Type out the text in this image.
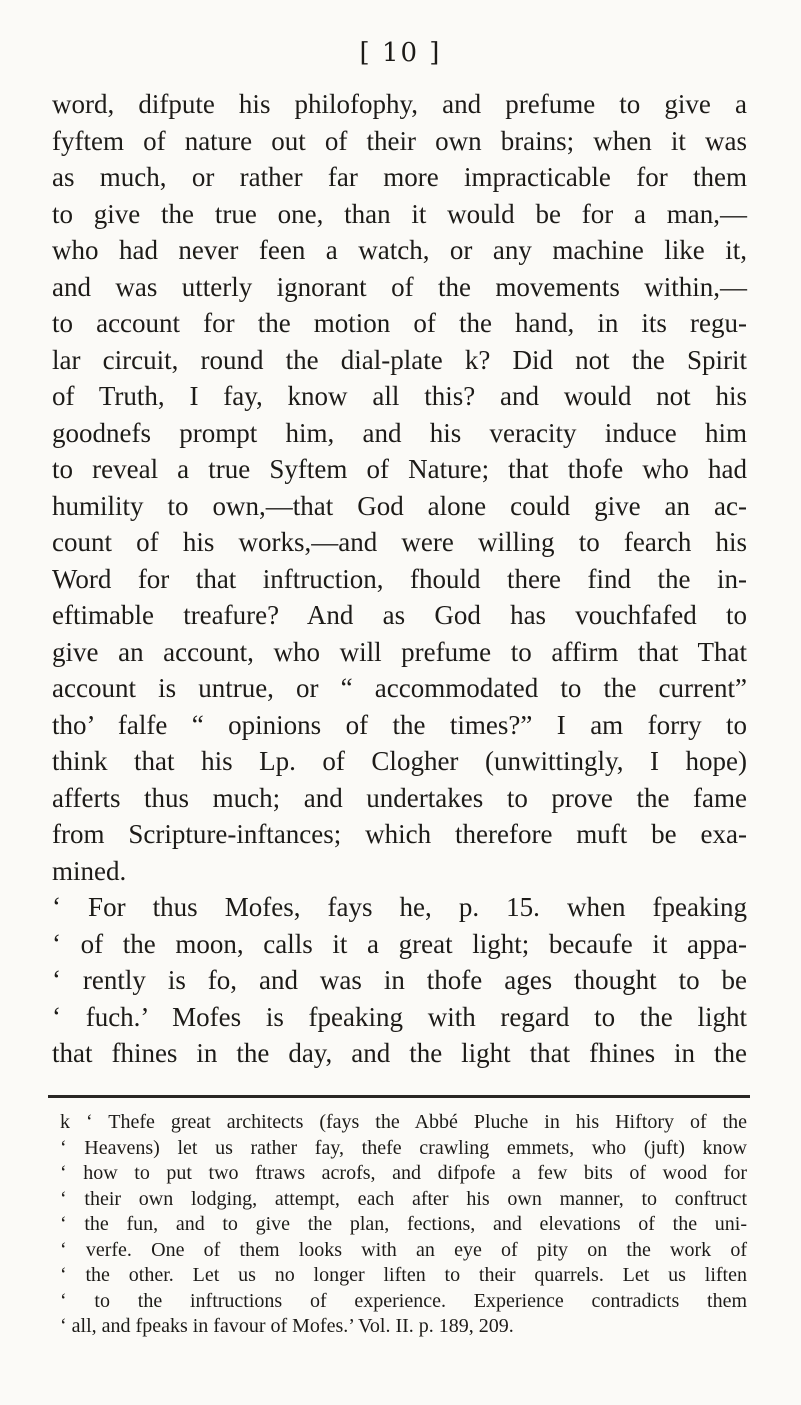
[ 10 ]
word, difpute his philofophy, and prefume to give a
fyftem of nature out of their own brains; when it was
as much, or rather far more impracticable for them
to give the true one, than it would be for a man,—
who had never feen a watch, or any machine like it,
and was utterly ignorant of the movements within,—
to account for the motion of the hand, in its regu-
lar circuit, round the dial-plate k? Did not the Spirit
of Truth, I fay, know all this? and would not his
goodnefs prompt him, and his veracity induce him
to reveal a true Syftem of Nature; that thofe who had
humility to own,—that God alone could give an ac-
count of his works,—and were willing to fearch his
Word for that inftruction, fhould there find the in-
eftimable treafure? And as God has vouchfafed to
give an account, who will prefume to affirm that That
account is untrue, or “ accommodated to the current”
tho’ falfe “ opinions of the times?” I am forry to
think that his Lp. of Clogher (unwittingly, I hope)
afferts thus much; and undertakes to prove the fame
from Scripture-inftances; which therefore muft be exa-
mined.
‘ For thus Mofes, fays he, p. 15. when fpeaking
‘ of the moon, calls it a great light; becaufe it appa-
‘ rently is fo, and was in thofe ages thought to be
‘ fuch.’ Mofes is fpeaking with regard to the light
that fhines in the day, and the light that fhines in the
k ‘ Thefe great architects (fays the Abbé Pluche in his Hiftory of the
‘ Heavens) let us rather fay, thefe crawling emmets, who (juft) know
‘ how to put two ftraws acrofs, and difpofe a few bits of wood for
‘ their own lodging, attempt, each after his own manner, to conftruct
‘ the fun, and to give the plan, fections, and elevations of the uni-
‘ verfe. One of them looks with an eye of pity on the work of
‘ the other. Let us no longer liften to their quarrels. Let us liften
‘ to the inftructions of experience. Experience contradicts them
‘ all, and fpeaks in favour of Mofes.’ Vol. II. p. 189, 209.
